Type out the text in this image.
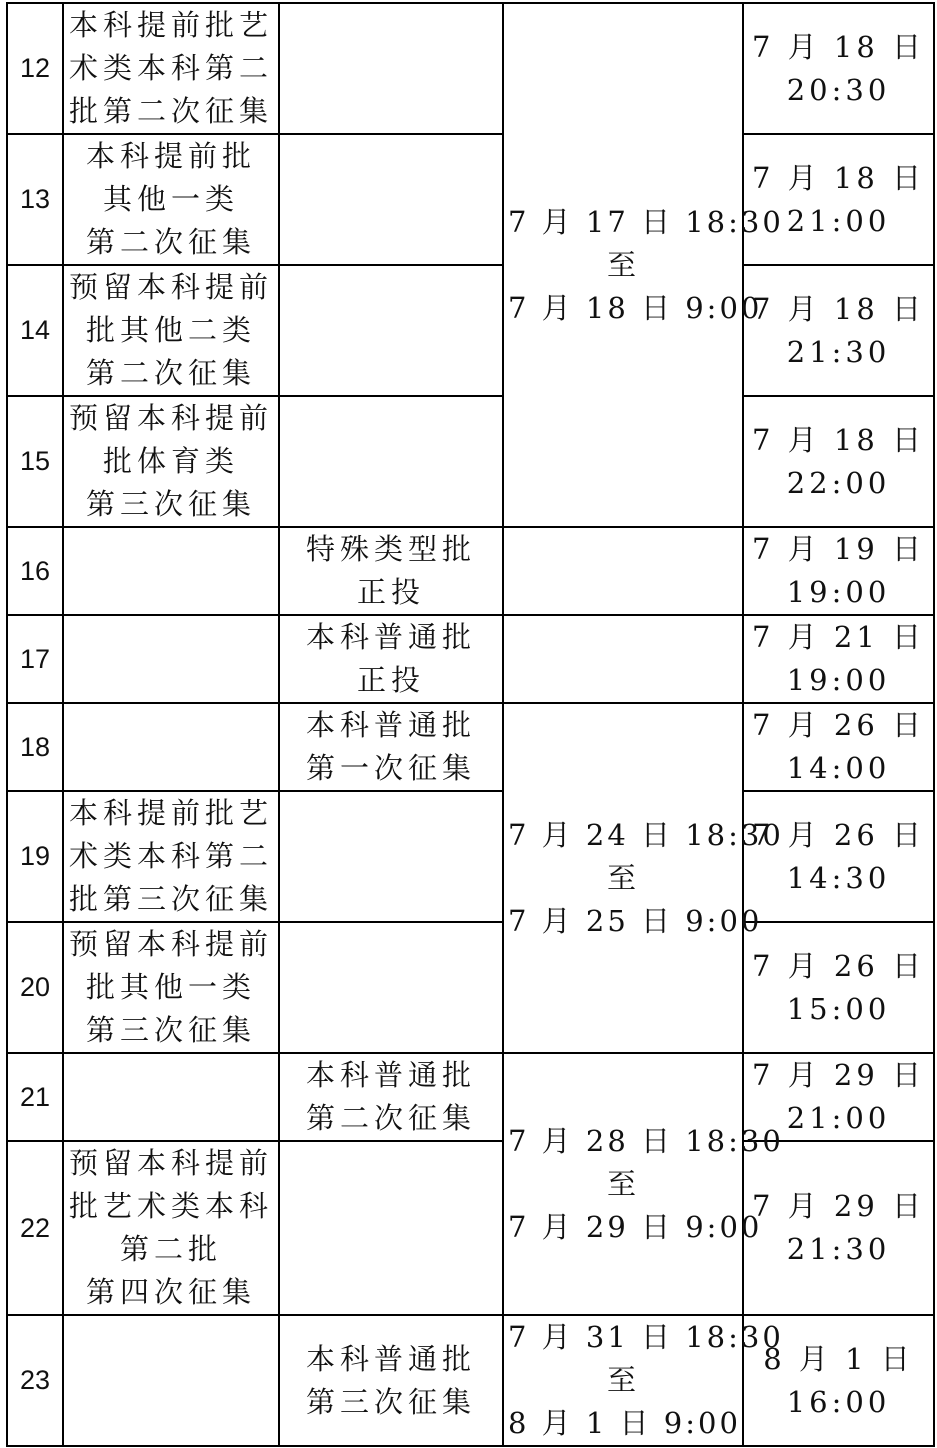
12	本科提前批艺
术类本科第二
批第二次征集		7 月 17 日 18:30
至
7 月 18 日 9:00	7 月 18 日
20:30

13	本科提前批
其他一类
第二次征集			7 月 18 日
21:00

14	预留本科提前
批其他二类
第二次征集			7 月 18 日
21:30

15	预留本科提前
批体育类
第三次征集			7 月 18 日
22:00

16		特殊类型批
正投		7 月 19 日
19:00

17		本科普通批
正投		7 月 21 日
19:00

18		本科普通批
第一次征集	7 月 24 日 18:30
至
7 月 25 日 9:00	7 月 26 日
14:00

19	本科提前批艺
术类本科第二
批第三次征集			7 月 26 日
14:30

20	预留本科提前
批其他一类
第三次征集			7 月 26 日
15:00

21		本科普通批
第二次征集	7 月 28 日 18:30
至
7 月 29 日 9:00	7 月 29 日
21:00

22	预留本科提前
批艺术类本科
第二批
第四次征集			7 月 29 日
21:30

23		本科普通批
第三次征集	7 月 31 日 18:30
至
8 月 1 日 9:00	8 月 1 日
16:00
